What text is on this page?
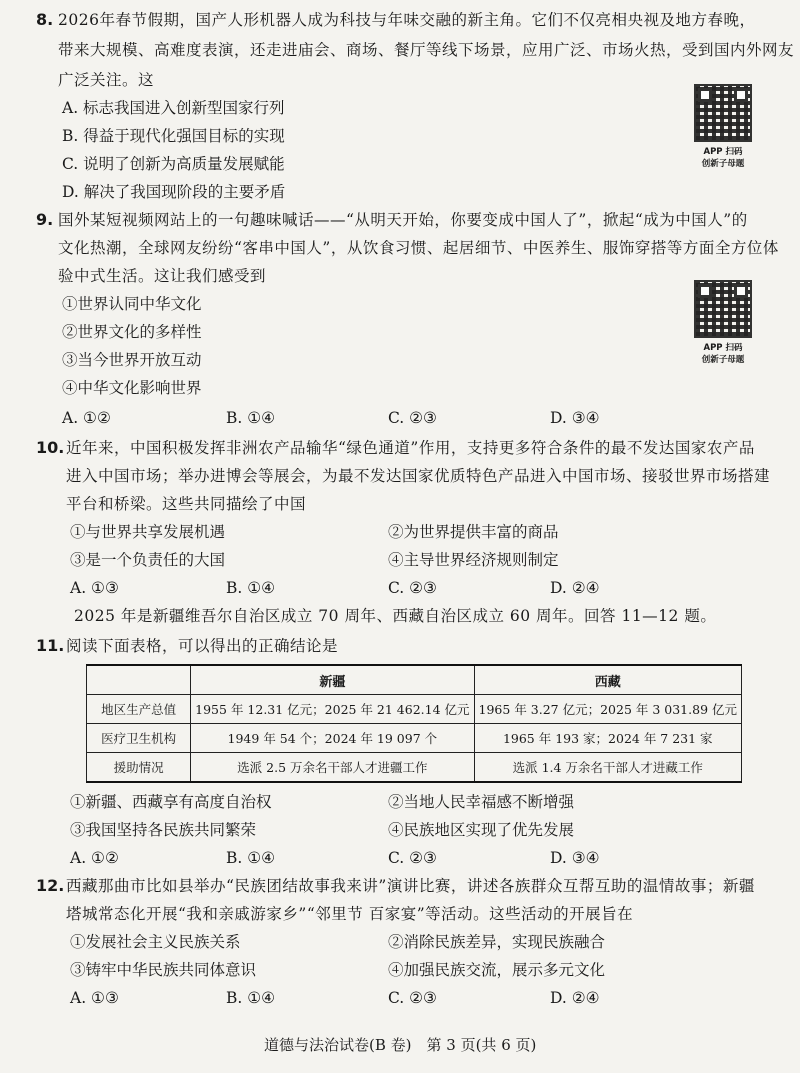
8. 2026年春节假期，国产人形机器人成为科技与年味交融的新主角。它们不仅亮相央视及地方春晚，
带来大规模、高难度表演，还走进庙会、商场、餐厅等线下场景，应用广泛、市场火热，受到国内外网友
广泛关注。这
A. 标志我国进入创新型国家行列
B. 得益于现代化强国目标的实现
C. 说明了创新为高质量发展赋能
D. 解决了我国现阶段的主要矛盾
APP 扫码
创新子母题
9. 国外某短视频网站上的一句趣味喊话——“从明天开始，你要变成中国人了”，掀起“成为中国人”的
文化热潮，全球网友纷纷“客串中国人”，从饮食习惯、起居细节、中医养生、服饰穿搭等方面全方位体
验中式生活。这让我们感受到
①世界认同中华文化
②世界文化的多样性
③当今世界开放互动
④中华文化影响世界
A. ①②	B. ①④	C. ②③	D. ③④
APP 扫码
创新子母题
10. 近年来，中国积极发挥非洲农产品输华“绿色通道”作用，支持更多符合条件的最不发达国家农产品
进入中国市场；举办进博会等展会，为最不发达国家优质特色产品进入中国市场、接驳世界市场搭建
平台和桥梁。这些共同描绘了中国
①与世界共享发展机遇	②为世界提供丰富的商品
③是一个负责任的大国	④主导世界经济规则制定
A. ①③	B. ①④	C. ②③	D. ②④
2025 年是新疆维吾尔自治区成立 70 周年、西藏自治区成立 60 周年。回答 11—12 题。
11. 阅读下面表格，可以得出的正确结论是
	新疆	西藏
地区生产总值	1955 年 12.31 亿元；2025 年 21 462.14 亿元	1965 年 3.27 亿元；2025 年 3 031.89 亿元
医疗卫生机构	1949 年 54 个；2024 年 19 097 个	1965 年 193 家；2024 年 7 231 家
援助情况	选派 2.5 万余名干部人才进疆工作	选派 1.4 万余名干部人才进藏工作
①新疆、西藏享有高度自治权	②当地人民幸福感不断增强
③我国坚持各民族共同繁荣	④民族地区实现了优先发展
A. ①②	B. ①④	C. ②③	D. ③④
12. 西藏那曲市比如县举办“民族团结故事我来讲”演讲比赛，讲述各族群众互帮互助的温情故事；新疆
塔城常态化开展“我和亲戚游家乡”“邻里节 百家宴”等活动。这些活动的开展旨在
①发展社会主义民族关系	②消除民族差异，实现民族融合
③铸牢中华民族共同体意识	④加强民族交流，展示多元文化
A. ①③	B. ①④	C. ②③	D. ②④
道德与法治试卷(B 卷)　第 3 页(共 6 页)
